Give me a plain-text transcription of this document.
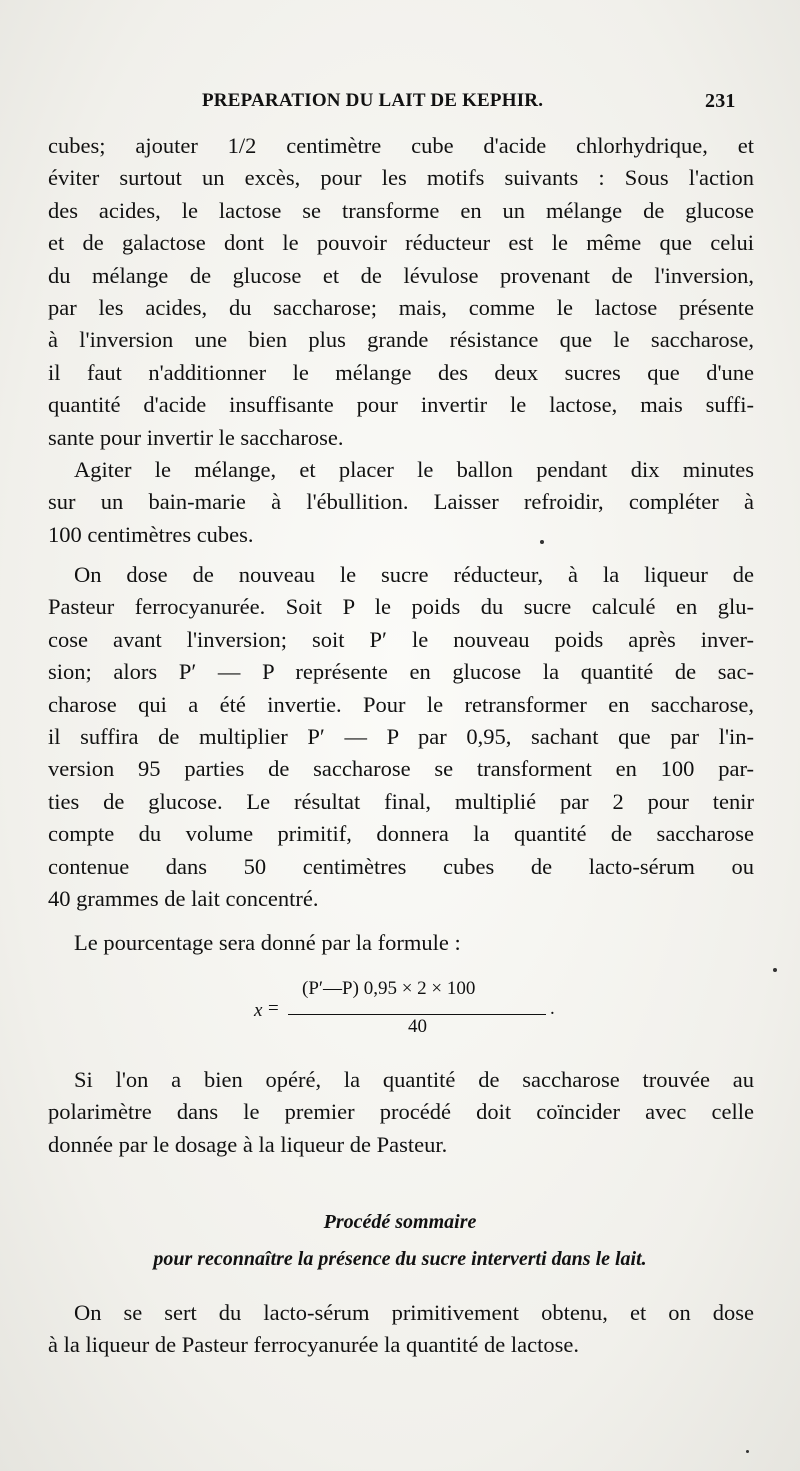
PREPARATION DU LAIT DE KEPHIR.	231
cubes; ajouter 1/2 centimètre cube d'acide chlorhydrique, et
éviter surtout un excès, pour les motifs suivants : Sous l'action
des acides, le lactose se transforme en un mélange de glucose
et de galactose dont le pouvoir réducteur est le même que celui
du mélange de glucose et de lévulose provenant de l'inversion,
par les acides, du saccharose; mais, comme le lactose présente
à l'inversion une bien plus grande résistance que le saccharose,
il faut n'additionner le mélange des deux sucres que d'une
quantité d'acide insuffisante pour invertir le lactose, mais suffi-
sante pour invertir le saccharose.
Agiter le mélange, et placer le ballon pendant dix minutes
sur un bain-marie à l'ébullition. Laisser refroidir, compléter à
100 centimètres cubes.
On dose de nouveau le sucre réducteur, à la liqueur de
Pasteur ferrocyanurée. Soit P le poids du sucre calculé en glu-
cose avant l'inversion; soit P′ le nouveau poids après inver-
sion; alors P′ — P représente en glucose la quantité de sac-
charose qui a été invertie. Pour le retransformer en saccharose,
il suffira de multiplier P′ — P par 0,95, sachant que par l'in-
version 95 parties de saccharose se transforment en 100 par-
ties de glucose. Le résultat final, multiplié par 2 pour tenir
compte du volume primitif, donnera la quantité de saccharose
contenue dans 50 centimètres cubes de lacto-sérum ou
40 grammes de lait concentré.
Le pourcentage sera donné par la formule :
x =
(P′—P) 0,95 × 2 × 100
40
.
Si l'on a bien opéré, la quantité de saccharose trouvée au
polarimètre dans le premier procédé doit coïncider avec celle
donnée par le dosage à la liqueur de Pasteur.
Procédé sommaire
pour reconnaître la présence du sucre interverti dans le lait.
On se sert du lacto-sérum primitivement obtenu, et on dose
à la liqueur de Pasteur ferrocyanurée la quantité de lactose.
